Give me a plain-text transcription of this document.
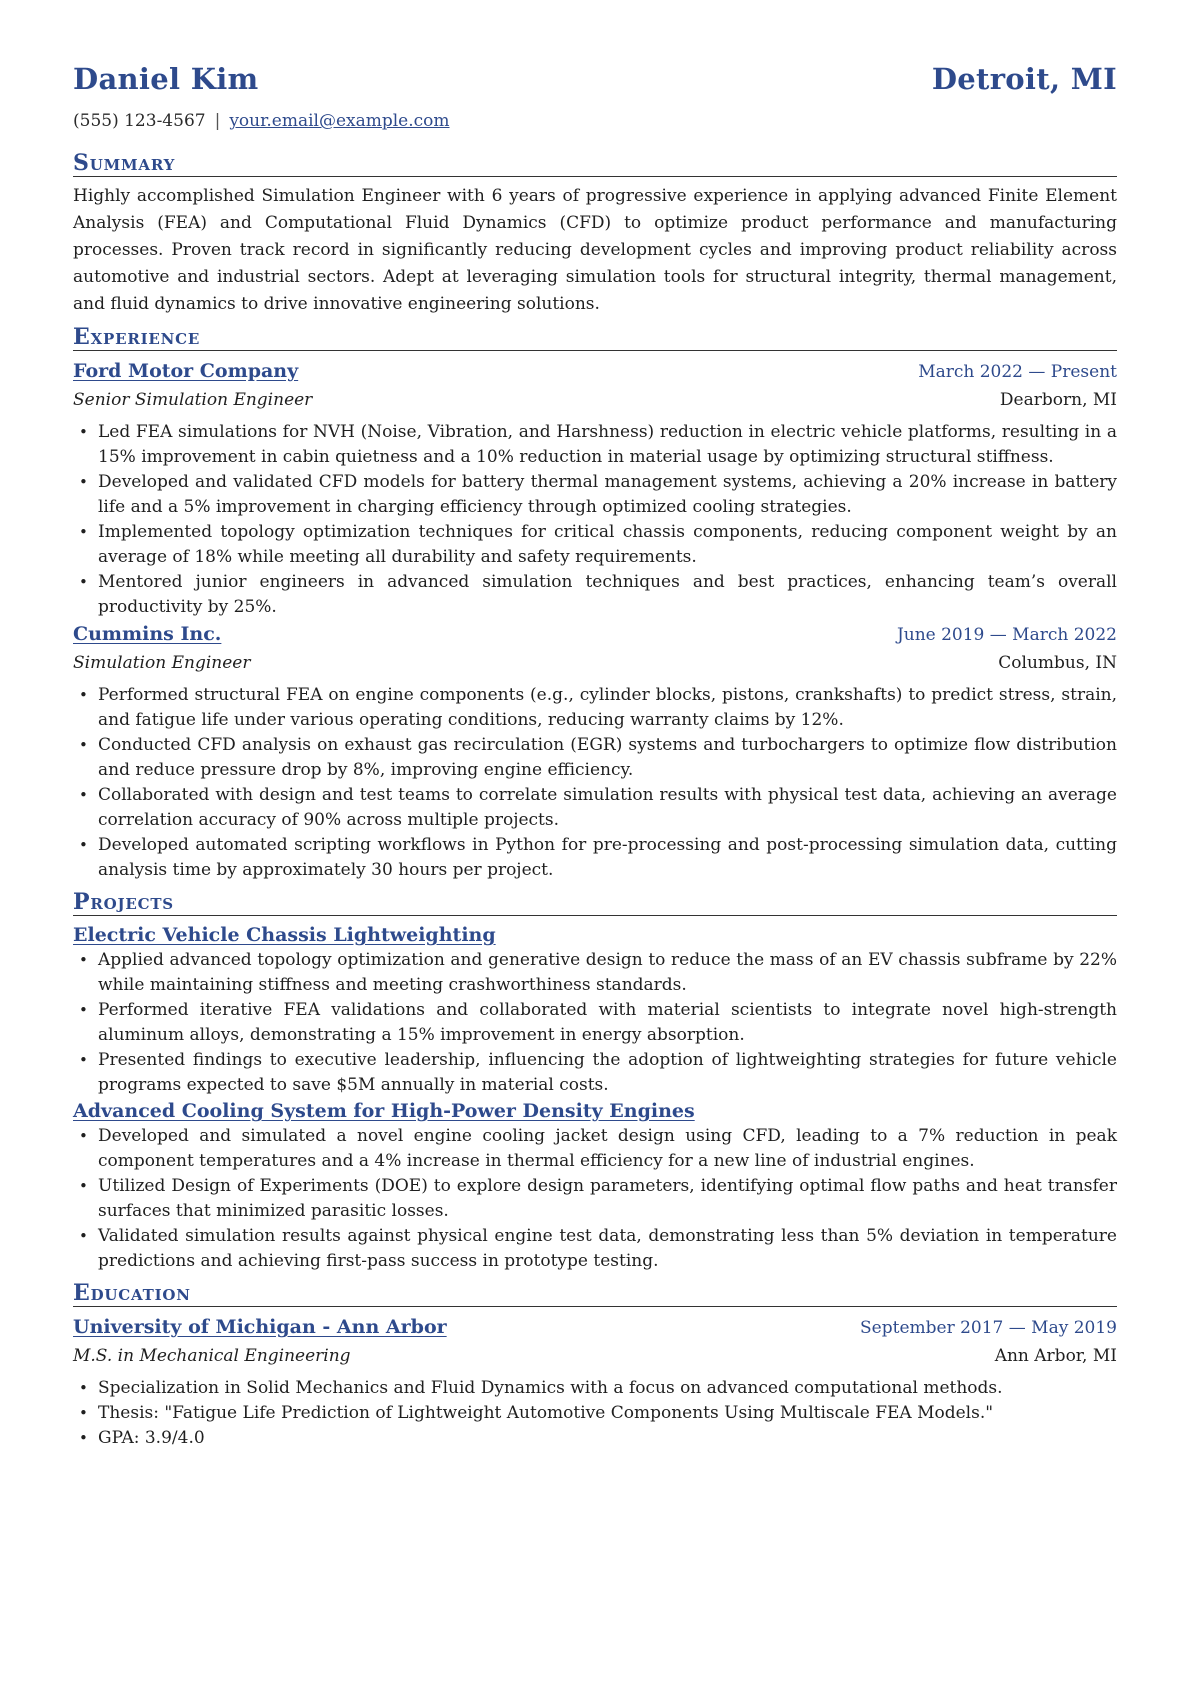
Daniel Kim	Detroit, MI
(555) 123-4567 | your.email@example.com
Summary

Highly accomplished Simulation Engineer with 6 years of progressive experience in applying advanced Finite Element Analysis (FEA) and Computational Fluid Dynamics (CFD) to optimize product performance and manufacturing processes. Proven track record in significantly reducing development cycles and improving product reliability across automotive and industrial sectors. Adept at leveraging simulation tools for structural integrity, thermal management, and fluid dynamics to drive innovative engineering solutions.

Experience
Ford Motor Company	March 2022 — Present
Senior Simulation Engineer	Dearborn, MI
• Led FEA simulations for NVH (Noise, Vibration, and Harshness) reduction in electric vehicle platforms, resulting in a 15% improvement in cabin quietness and a 10% reduction in material usage by optimizing structural stiffness.
• Developed and validated CFD models for battery thermal management systems, achieving a 20% increase in battery life and a 5% improvement in charging efficiency through optimized cooling strategies.
• Implemented topology optimization techniques for critical chassis components, reducing component weight by an average of 18% while meeting all durability and safety requirements.
• Mentored junior engineers in advanced simulation techniques and best practices, enhancing team’s overall productivity by 25%.
Cummins Inc.	June 2019 — March 2022
Simulation Engineer	Columbus, IN
• Performed structural FEA on engine components (e.g., cylinder blocks, pistons, crankshafts) to predict stress, strain, and fatigue life under various operating conditions, reducing warranty claims by 12%.
• Conducted CFD analysis on exhaust gas recirculation (EGR) systems and turbochargers to optimize flow distribution and reduce pressure drop by 8%, improving engine efficiency.
• Collaborated with design and test teams to correlate simulation results with physical test data, achieving an average correlation accuracy of 90% across multiple projects.
• Developed automated scripting workflows in Python for pre-processing and post-processing simulation data, cutting analysis time by approximately 30 hours per project.
Projects
Electric Vehicle Chassis Lightweighting
• Applied advanced topology optimization and generative design to reduce the mass of an EV chassis subframe by 22% while maintaining stiffness and meeting crashworthiness standards.
• Performed iterative FEA validations and collaborated with material scientists to integrate novel high-strength aluminum alloys, demonstrating a 15% improvement in energy absorption.
• Presented findings to executive leadership, influencing the adoption of lightweighting strategies for future vehicle programs expected to save $5M annually in material costs.
Advanced Cooling System for High-Power Density Engines
• Developed and simulated a novel engine cooling jacket design using CFD, leading to a 7% reduction in peak component temperatures and a 4% increase in thermal efficiency for a new line of industrial engines.
• Utilized Design of Experiments (DOE) to explore design parameters, identifying optimal flow paths and heat transfer surfaces that minimized parasitic losses.
• Validated simulation results against physical engine test data, demonstrating less than 5% deviation in temperature predictions and achieving first-pass success in prototype testing.
Education
University of Michigan - Ann Arbor	September 2017 — May 2019
M.S. in Mechanical Engineering	Ann Arbor, MI
• Specialization in Solid Mechanics and Fluid Dynamics with a focus on advanced computational methods.
• Thesis: "Fatigue Life Prediction of Lightweight Automotive Components Using Multiscale FEA Models."
• GPA: 3.9/4.0
